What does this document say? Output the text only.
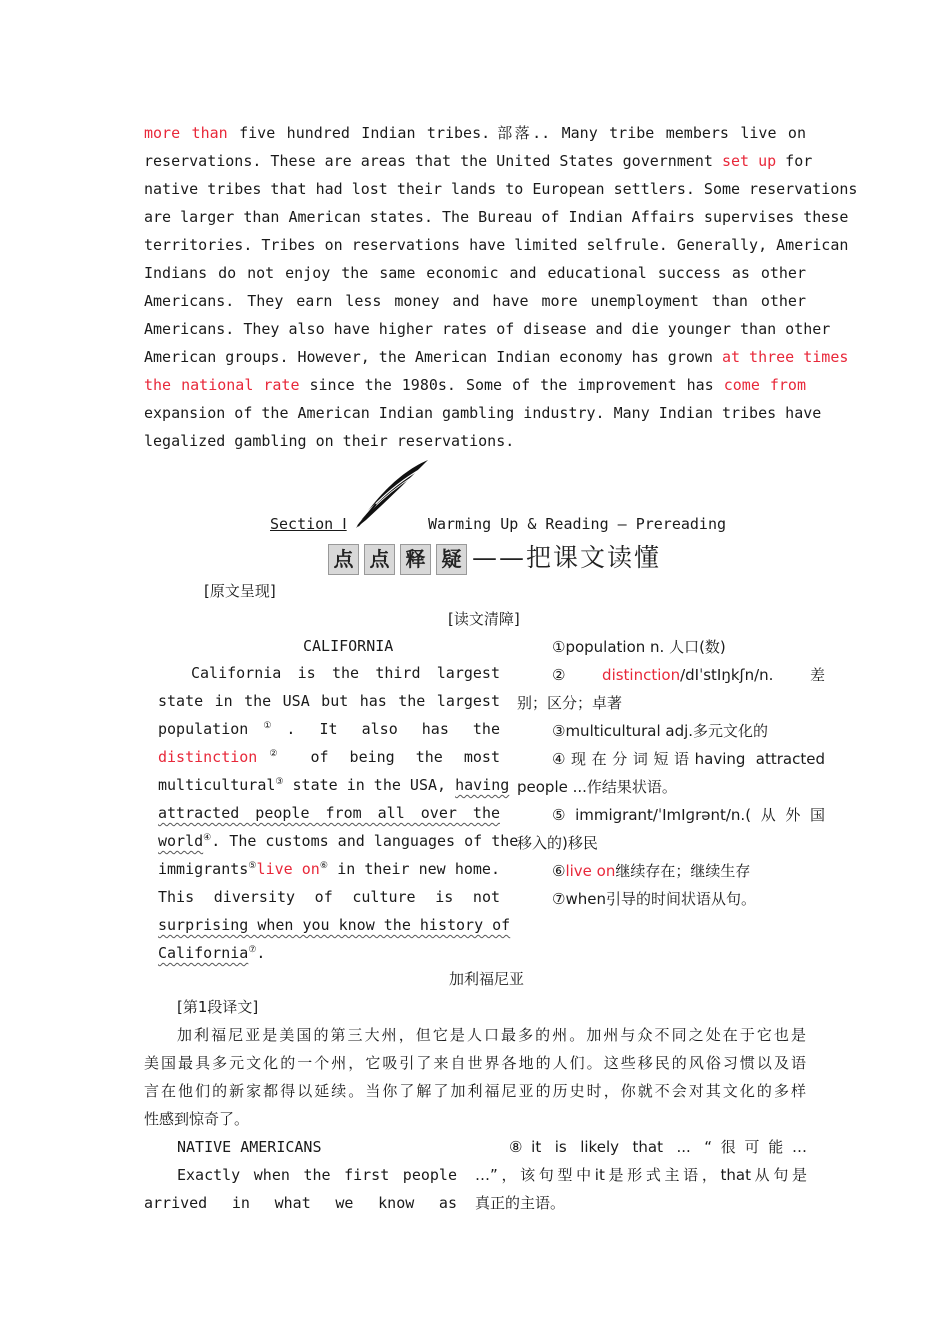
more than five hundred Indian tribes. 部落.. Many tribe members live on
reservations. These are areas that the United States government set up for
native tribes that had lost their lands to European settlers. Some reservations
are larger than American states. The Bureau of Indian Affairs supervises these
territories. Tribes on reservations have limited selfrule. Generally, American
Indians do not enjoy the same economic and educational success as other
Americans. They earn less money and have more unemployment than other
Americans. They also have higher rates of disease and die younger than other
American groups. However, the American Indian economy has grown at three times
the national rate since the 1980s. Some of the improvement has come from
expansion of the American Indian gambling industry. Many Indian tribes have
legalized gambling on their reservations.
Section Ⅰ	Warming Up & Reading — Prereading
点 点 释 疑 ——把课文读懂
[原文呈现]
[读文清障]
CALIFORNIA
California is the third largest
state in the USA but has the largest
population①. It also has the
distinction② of being the most
multicultural③ state in the USA, having
attracted people from all over the
world④. The customs and languages of the
immigrants⑤live on⑥ in their new home.
This diversity of culture is not
surprising when you know the history of
California⑦.
①population n. 人口(数)
②distinction/dIˈstIŋkʃn/n.差
别；区分；卓著
③multicultural adj.多元文化的
④现在分词短语having attracted
people ...作结果状语。
⑤immigrant/ˈImIɡrənt/n.(从外国
移入的)移民
⑥live on继续存在；继续生存
⑦when引导的时间状语从句。
加利福尼亚
[第1段译文]
加利福尼亚是美国的第三大州，但它是人口最多的州。加州与众不同之处在于它也是
美国最具多元文化的一个州，它吸引了来自世界各地的人们。这些移民的风俗习惯以及语
言在他们的新家都得以延续。当你了解了加利福尼亚的历史时，你就不会对其文化的多样
性感到惊奇了。
NATIVE AMERICANS
Exactly when the first people
arrived in what we know as
⑧it is likely that ... “很可能…
…”，该句型中it是形式主语，that从句是
真正的主语。
